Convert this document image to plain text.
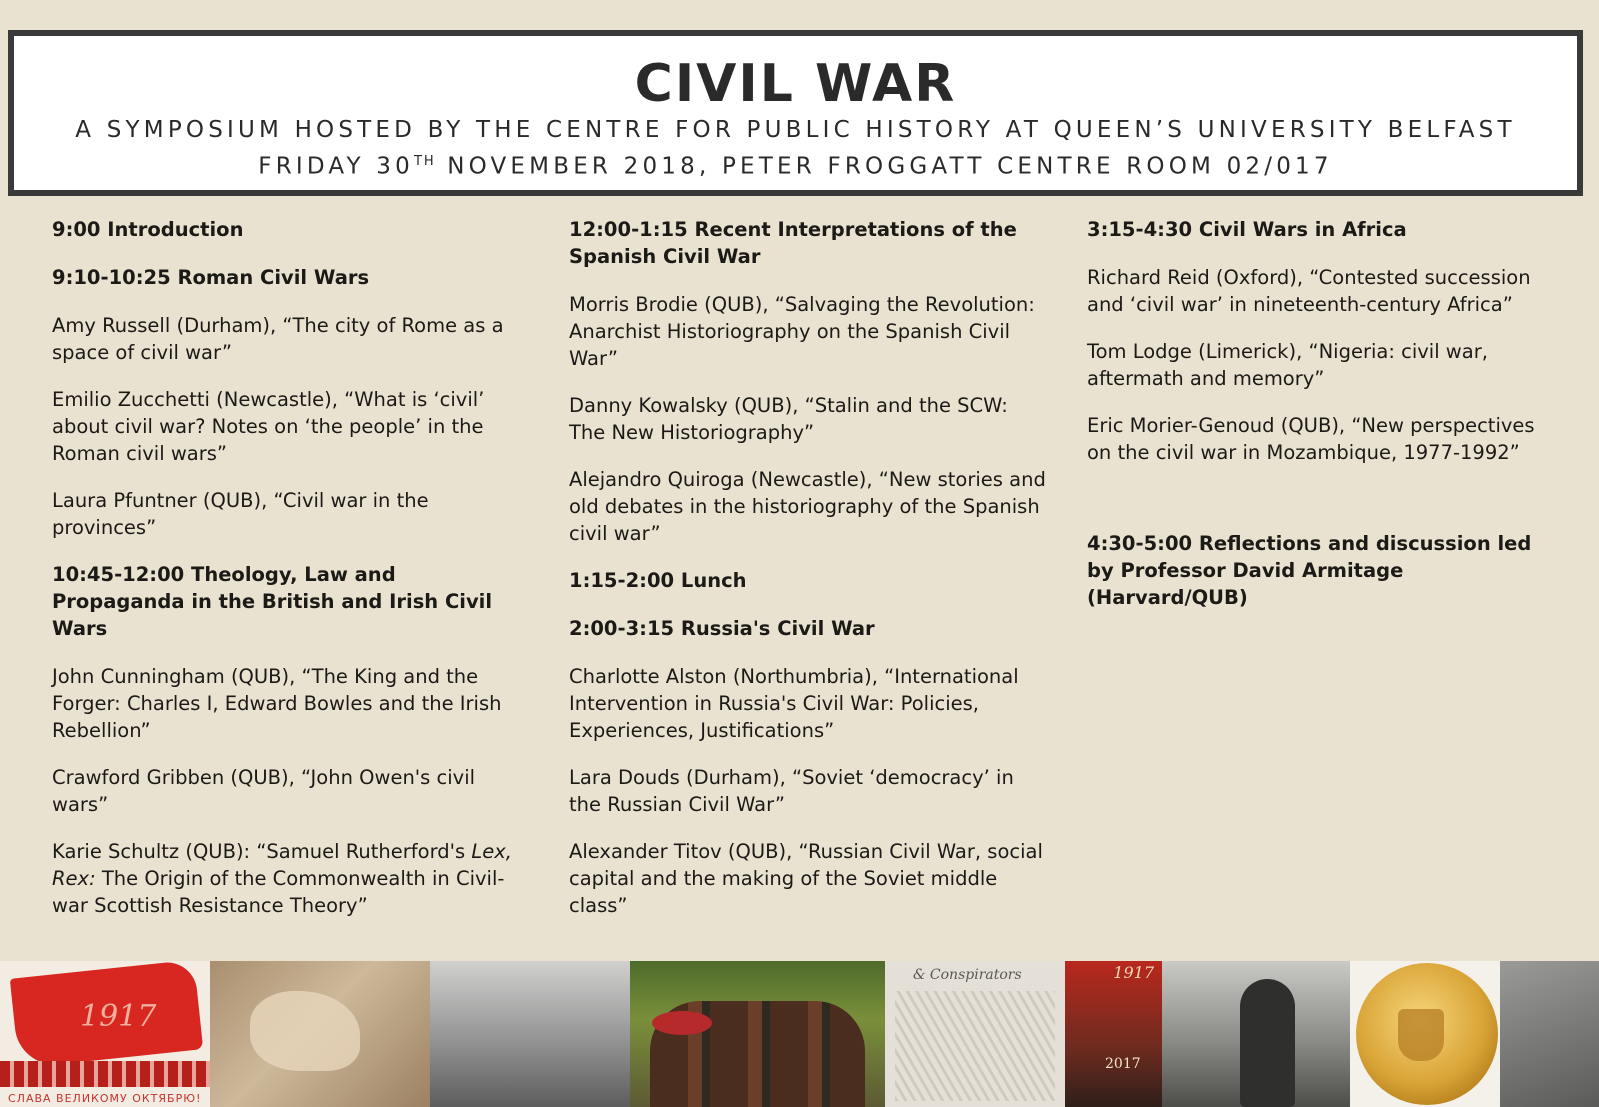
CIVIL WAR
A SYMPOSIUM HOSTED BY THE CENTRE FOR PUBLIC HISTORY AT QUEEN’S UNIVERSITY BELFAST
FRIDAY 30TH NOVEMBER 2018, PETER FROGGATT CENTRE ROOM 02/017
9:00 Introduction
9:10-10:25 Roman Civil Wars
Amy Russell (Durham), “The city of Rome as a space of civil war”
Emilio Zucchetti (Newcastle), “What is ‘civil’ about civil war? Notes on ‘the people’ in the Roman civil wars”
Laura Pfuntner (QUB), “Civil war in the provinces”
10:45-12:00 Theology, Law and Propaganda in the British and Irish Civil Wars
John Cunningham (QUB), “The King and the Forger: Charles I, Edward Bowles and the Irish Rebellion”
Crawford Gribben (QUB), “John Owen's civil wars”
Karie Schultz (QUB): “Samuel Rutherford's Lex, Rex: The Origin of the Commonwealth in Civil-war Scottish Resistance Theory”
12:00-1:15 Recent Interpretations of the Spanish Civil War
Morris Brodie (QUB), “Salvaging the Revolution: Anarchist Historiography on the Spanish Civil War”
Danny Kowalsky (QUB), “Stalin and the SCW: The New Historiography”
Alejandro Quiroga (Newcastle), “New stories and old debates in the historiography of the Spanish civil war”
1:15-2:00 Lunch
2:00-3:15 Russia's Civil War
Charlotte Alston (Northumbria), “International Intervention in Russia's Civil War: Policies, Experiences, Justifications”
Lara Douds (Durham), “Soviet ‘democracy’ in the Russian Civil War”
Alexander Titov (QUB), “Russian Civil War, social capital and the making of the Soviet middle class”
3:15-4:30 Civil Wars in Africa
Richard Reid (Oxford), “Contested succession and ‘civil war’ in nineteenth-century Africa”
Tom Lodge (Limerick), “Nigeria: civil war, aftermath and memory”
Eric Morier-Genoud (QUB), “New perspectives on the civil war in Mozambique, 1977-1992”
4:30-5:00 Reflections and discussion led by Professor David Armitage (Harvard/QUB)
1917
СЛАВА ВЕЛИКОМУ ОКТЯБРЮ!
& Conspirators	1917
2017
